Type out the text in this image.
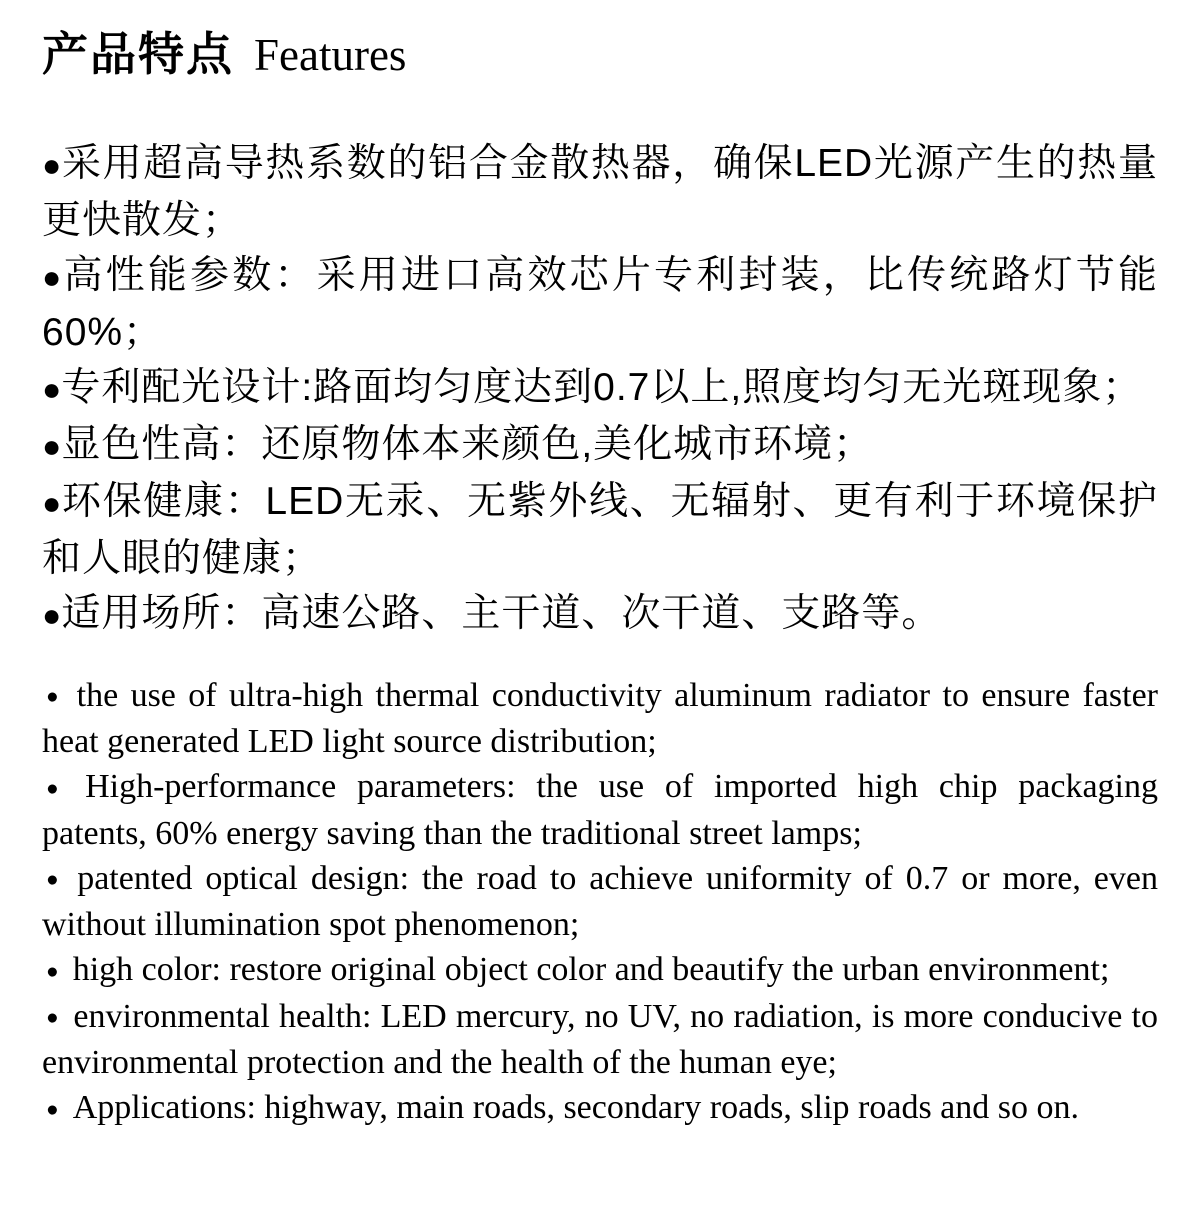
产品特点 Features

●采用超高导热系数的铝合金散热器，确保LED光源产生的热量更快散发；

●高性能参数：采用进口高效芯片专利封装，比传统路灯节能60%；

●专利配光设计:路面均匀度达到0.7以上,照度均匀无光斑现象；

●显色性高：还原物体本来颜色,美化城市环境；

●环保健康：LED无汞、无紫外线、无辐射、更有利于环境保护和人眼的健康；

●适用场所：高速公路、主干道、次干道、支路等。

● the use of ultra-high thermal conductivity aluminum radiator to ensure faster heat generated LED light source distribution;

● High-performance parameters: the use of imported high chip packaging patents, 60% energy saving than the traditional street lamps;

● patented optical design: the road to achieve uniformity of 0.7 or more, even without illumination spot phenomenon;

● high color: restore original object color and beautify the urban environment;

● environmental health: LED mercury, no UV, no radiation, is more conducive to environmental protection and the health of the human eye;

● Applications: highway, main roads, secondary roads, slip roads and so on.
